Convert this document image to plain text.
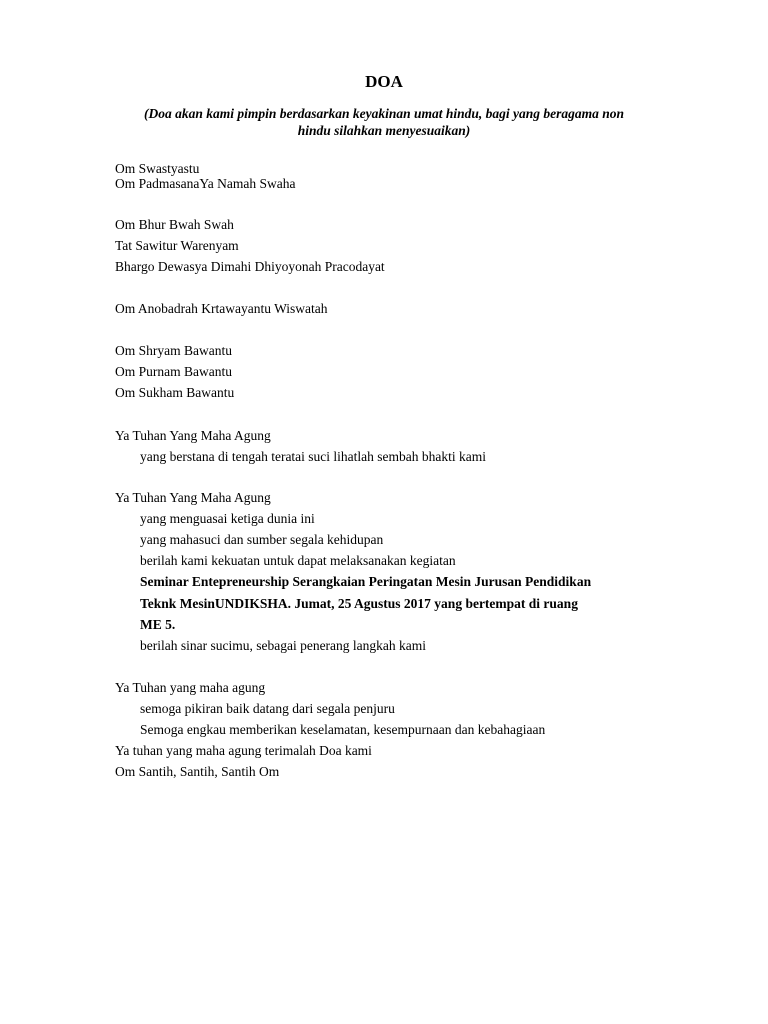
DOA
(Doa akan kami pimpin berdasarkan keyakinan umat hindu, bagi yang beragama non
hindu silahkan menyesuaikan)
Om Swastyastu
Om PadmasanaYa Namah Swaha
Om Bhur Bwah Swah
Tat Sawitur Warenyam
Bhargo Dewasya Dimahi Dhiyoyonah Pracodayat
Om Anobadrah Krtawayantu Wiswatah
Om Shryam Bawantu
Om Purnam Bawantu
Om Sukham Bawantu
Ya Tuhan Yang Maha Agung
yang berstana di tengah teratai suci lihatlah sembah bhakti kami
Ya Tuhan Yang Maha Agung
yang menguasai ketiga dunia ini
yang mahasuci dan sumber segala kehidupan
berilah kami kekuatan untuk dapat melaksanakan kegiatan
Seminar Entepreneurship Serangkaian Peringatan Mesin Jurusan Pendidikan
Teknk MesinUNDIKSHA. Jumat, 25 Agustus 2017 yang bertempat di ruang
ME 5.
berilah sinar sucimu, sebagai penerang langkah kami
Ya Tuhan yang maha agung
semoga pikiran baik datang dari segala penjuru
Semoga engkau memberikan keselamatan, kesempurnaan dan kebahagiaan
Ya tuhan yang maha agung terimalah Doa kami
Om Santih, Santih, Santih Om
